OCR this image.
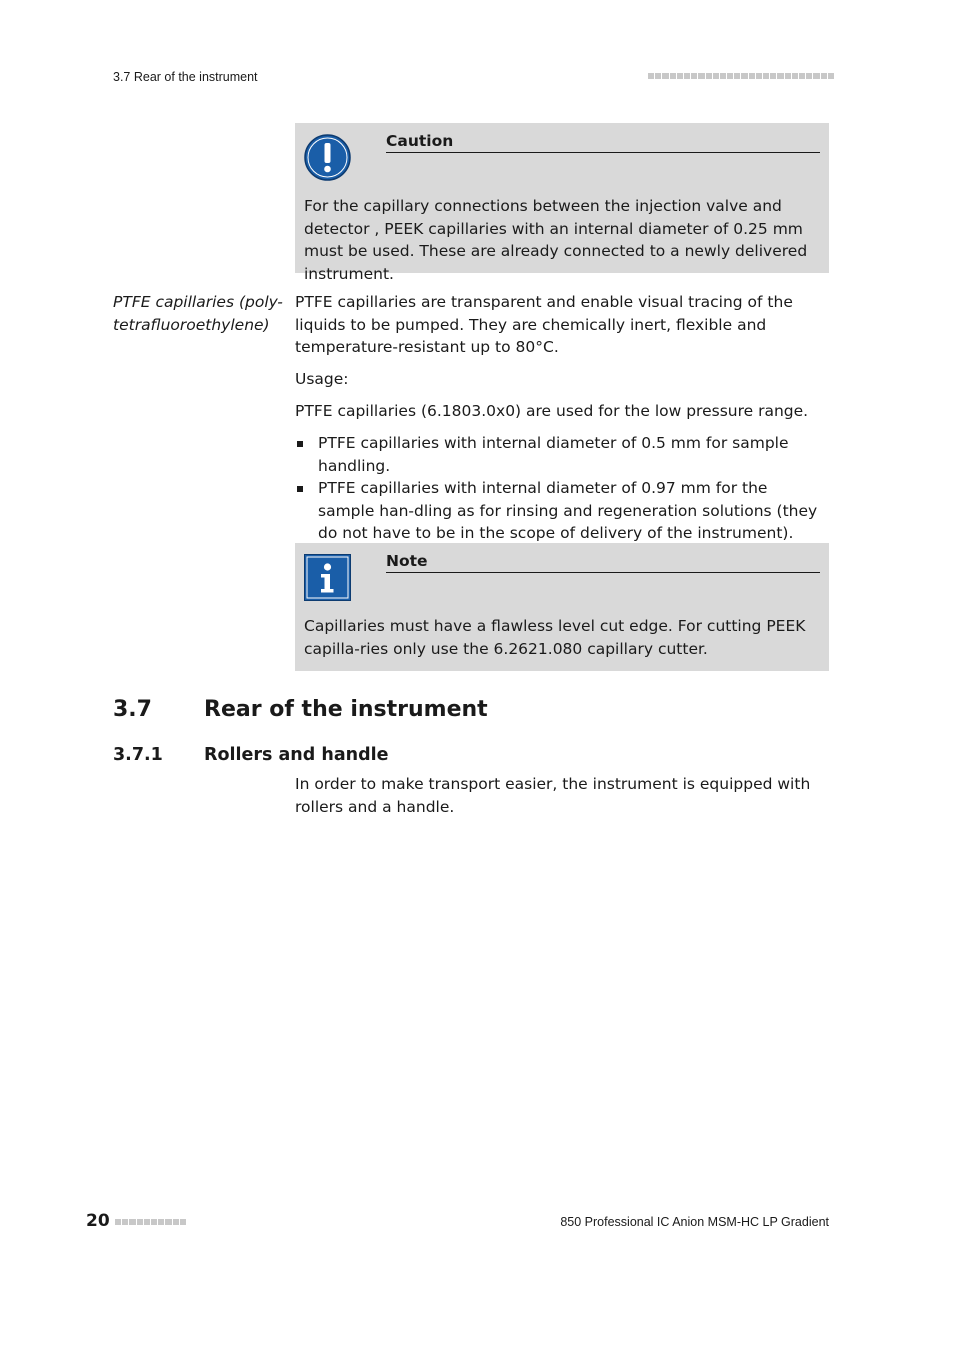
3.7 Rear of the instrument
Caution
For the capillary connections between the injection valve and detector , PEEK capillaries with an internal diameter of 0.25 mm must be used. These are already connected to a newly delivered instrument.
PTFE capillaries (poly-tetrafluoroethylene)

PTFE capillaries are transparent and enable visual tracing of the liquids to be pumped. They are chemically inert, flexible and temperature-resistant up to 80°C.

Usage:

PTFE capillaries (6.1803.0x0) are used for the low pressure range.

PTFE capillaries with internal diameter of 0.5 mm for sample handling.
PTFE capillaries with internal diameter of 0.97 mm for the sample han-dling as for rinsing and regeneration solutions (they do not have to be in the scope of delivery of the instrument).
Note
Capillaries must have a flawless level cut edge. For cutting PEEK capilla-ries only use the 6.2621.080 capillary cutter.
3.7 Rear of the instrument
3.7.1 Rollers and handle

In order to make transport easier, the instrument is equipped with rollers and a handle.

20	850 Professional IC Anion MSM-HC LP Gradient
